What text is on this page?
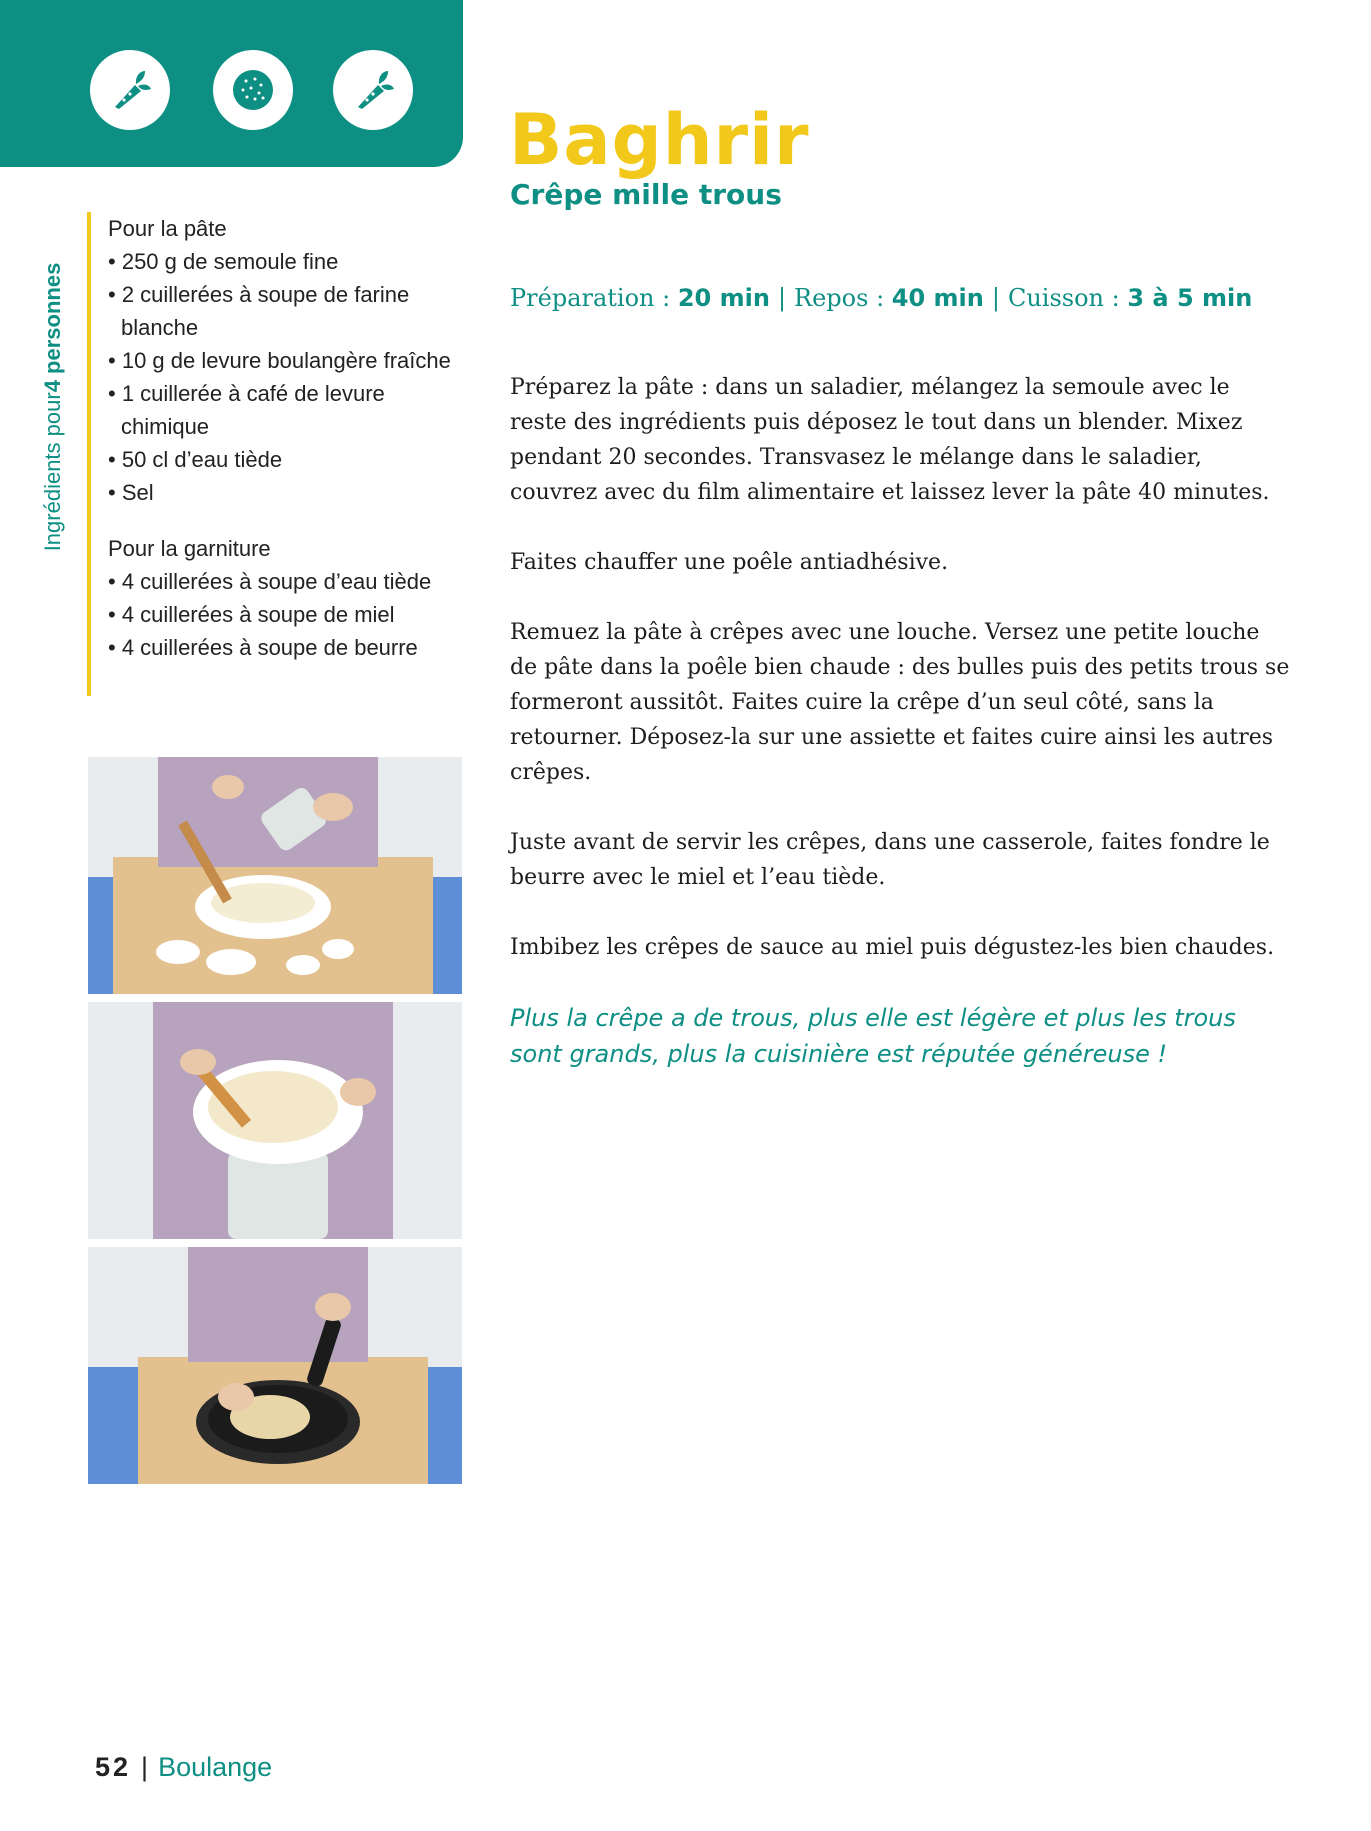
Ingrédients pour4 personnes
Pour la pâte
• 250 g de semoule fine
• 2 cuillerées à soupe de farine blanche
• 10 g de levure boulangère fraîche
• 1 cuillerée à café de levure chimique
• 50 cl d’eau tiède
• Sel
Pour la garniture
• 4 cuillerées à soupe d’eau tiède
• 4 cuillerées à soupe de miel
• 4 cuillerées à soupe de beurre
Baghrir
Crêpe mille trous
Préparation : 20 min | Repos : 40 min | Cuisson : 3 à 5 min

Préparez la pâte : dans un saladier, mélangez la semoule avec le reste des ingrédients puis déposez le tout dans un blender. Mixez pendant 20 secondes. Transvasez le mélange dans le saladier, couvrez avec du film alimentaire et laissez lever la pâte 40 minutes.

Faites chauffer une poêle antiadhésive.

Remuez la pâte à crêpes avec une louche. Versez une petite louche de pâte dans la poêle bien chaude : des bulles puis des petits trous se formeront aussitôt. Faites cuire la crêpe d’un seul côté, sans la retourner. Déposez-la sur une assiette et faites cuire ainsi les autres crêpes.

Juste avant de servir les crêpes, dans une casserole, faites fondre le beurre avec le miel et l’eau tiède.

Imbibez les crêpes de sauce au miel puis dégustez-les bien chaudes.

Plus la crêpe a de trous, plus elle est légère et plus les trous sont grands, plus la cuisinière est réputée généreuse !

52 | Boulange
